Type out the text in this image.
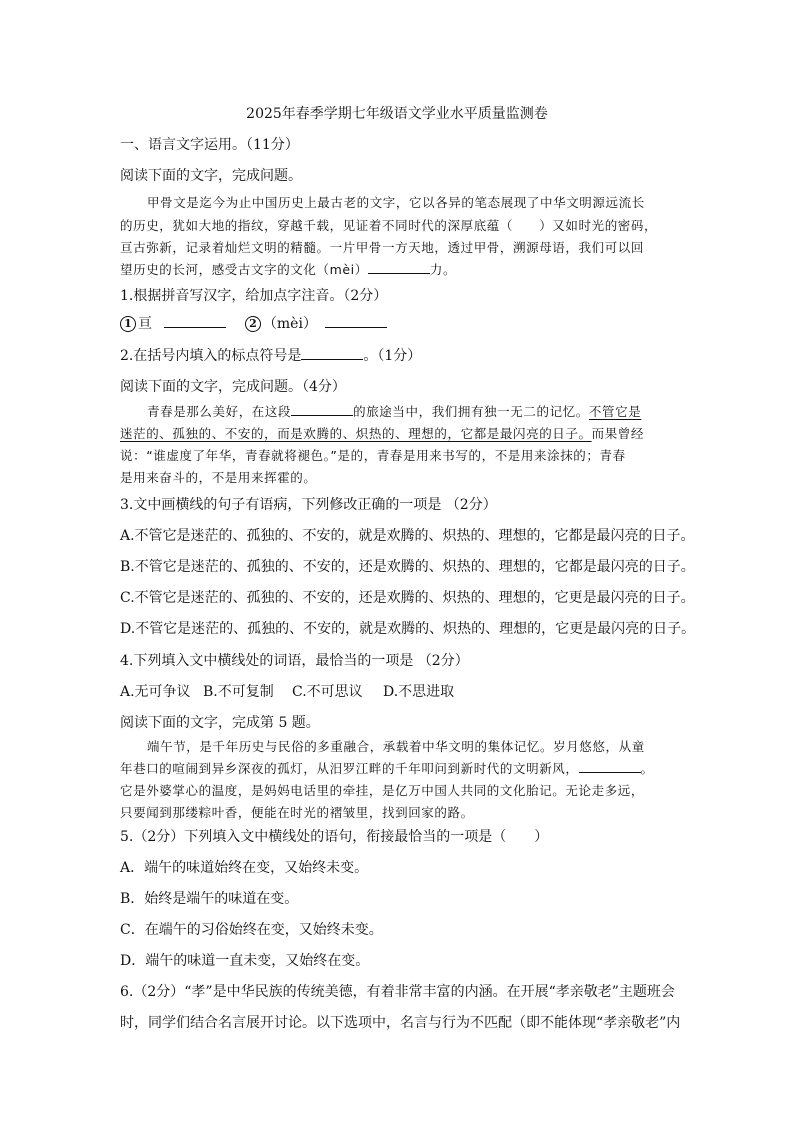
2025年春季学期七年级语文学业水平质量监测卷
一、语言文字运用。（11分）
阅读下面的文字，完成问题。
甲骨文是迄今为止中国历史上最古老的文字，它以各异的笔态展现了中华文明源远流长
的历史，犹如大地的指纹，穿越千载，见证着不同时代的深厚底蕴（　　）又如时光的密码，
亘古弥新，记录着灿烂文明的精髓。一片甲骨一方天地，透过甲骨，溯源母语，我们可以回
望历史的长河，感受古文字的文化（mèi）	力。
1.根据拼音写汉字，给加点字注音。（2分）
1 亘	2 （mèi）
2.在括号内填入的标点符号是	。（1分）
阅读下面的文字，完成问题。（4分）
青春是那么美好，在这段	的旅途当中，我们拥有独一无二的记忆。不管它是
迷茫的、孤独的、不安的，而是欢腾的、炽热的、理想的，它都是最闪亮的日子。而果曾经
说：“谁虚度了年华，青春就将褪色。”是的，青春是用来书写的，不是用来涂抹的；青春
是用来奋斗的，不是用来挥霍的。
3.文中画横线的句子有语病，下列修改正确的一项是 （2分）
A.不管它是迷茫的、孤独的、不安的，就是欢腾的、炽热的、理想的，它都是最闪亮的日子。
B.不管它是迷茫的、孤独的、不安的，还是欢腾的、炽热的、理想的，它都是最闪亮的日子。
C.不管它是迷茫的、孤独的、不安的，还是欢腾的、炽热的、理想的，它更是最闪亮的日子。
D.不管它是迷茫的、孤独的、不安的，就是欢腾的、炽热的、理想的，它更是最闪亮的日子。
4.下列填入文中横线处的词语，最恰当的一项是 （2分）
A.无可争议 B.不可复制 C.不可思议 D.不思进取
阅读下面的文字，完成第 5 题。
端午节，是千年历史与民俗的多重融合，承载着中华文明的集体记忆。岁月悠悠，从童
年巷口的喧闹到异乡深夜的孤灯，从汨罗江畔的千年叩问到新时代的文明新风，	。
它是外婆掌心的温度，是妈妈电话里的牵挂，是亿万中国人共同的文化胎记。无论走多远，
只要闻到那缕粽叶香，便能在时光的褶皱里，找到回家的路。
5.（2分）下列填入文中横线处的语句，衔接最恰当的一项是（　　）
A．端午的味道始终在变，又始终未变。
B．始终是端午的味道在变。
C．在端午的习俗始终在变，又始终未变。
D．端午的味道一直未变，又始终在变。
6.（2分）“孝”是中华民族的传统美德，有着非常丰富的内涵。在开展“孝亲敬老”主题班会
时，同学们结合名言展开讨论。以下选项中，名言与行为不匹配（即不能体现“孝亲敬老”内
